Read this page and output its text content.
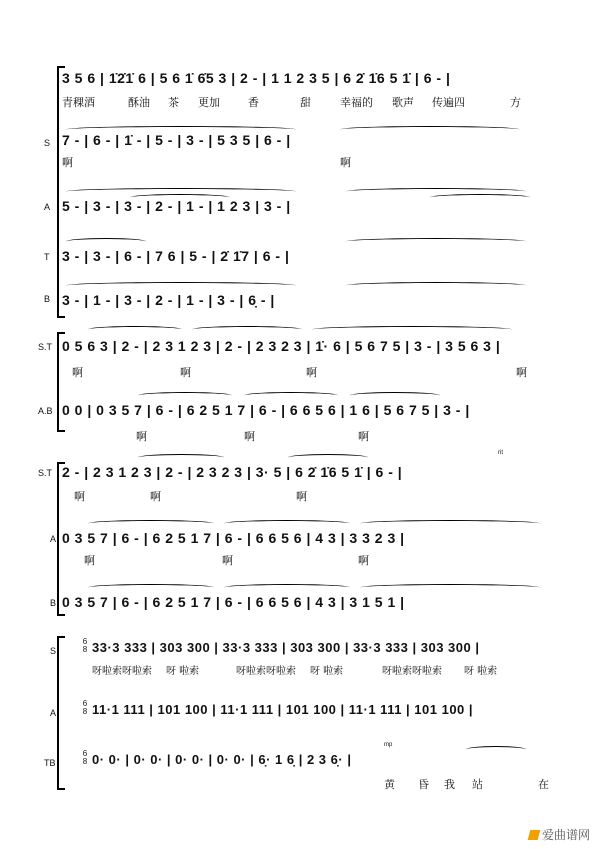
3 5 6 | 1̇2̇1̇ 6 | 5 6 1̇ 6̇5 3 | 2 - | 1 1 2 3 5 | 6 2̇ 1̇6 5 1̇ | 6 - |
青稞酒	酥油 茶 更加	香	甜	幸福的 歌声 传遍四	方
S 7 - | 6 - | 1̇ - | 5 - | 3 - | 5 3 5 | 6 - |
啊	啊
A 5 - | 3 - | 3 - | 2 - | 1 - | 1 2 3 | 3 - |
T 3 - | 3 - | 6 - | 7 6 | 5 - | 2̇ 1̇7 | 6 - |
B 3 - | 1 - | 3 - | 2 - | 1 - | 3 - | 6̣ - |
S.T 0 5 6 3 | 2 - | 2 3 1 2 3 | 2 - | 2 3 2 3 | 1̇· 6 | 5 6 7 5 | 3 - | 3 5 6 3 |
啊	啊	啊	啊
A.B 0 0 | 0 3 5 7 | 6 - | 6 2 5 1 7 | 6 - | 6 6 5 6 | 1 6 | 5 6 7 5 | 3 - |
啊	啊	啊
rit
S.T 2 - | 2 3 1 2 3 | 2 - | 2 3 2 3 | 3· 5 | 6 2̇ 1̇6 5 1̇ | 6 - |
啊	啊	啊
A 0 3 5 7 | 6 - | 6 2 5 1 7 | 6 - | 6 6 5 6 | 4 3 | 3 3 2 3 |
啊	啊	啊
B 0 3 5 7 | 6 - | 6 2 5 1 7 | 6 - | 6 6 5 6 | 4 3 | 3 1 5 1 |
S
6
8 33·3 333 | 303 300 | 33·3 333 | 303 300 | 33·3 333 | 303 300 |
呀啦索呀啦索 呀 啦索	呀啦索呀啦索 呀 啦索	呀啦索呀啦索 呀 啦索
A
6
8 11·1 111 | 101 100 | 11·1 111 | 101 100 | 11·1 111 | 101 100 |
TB
6
8
mp
0· 0· | 0· 0· | 0· 0· | 0· 0· | 6̣· 1 6̣ | 2 3 6̣· |
黄 昏 我 站	在
爱曲谱网
